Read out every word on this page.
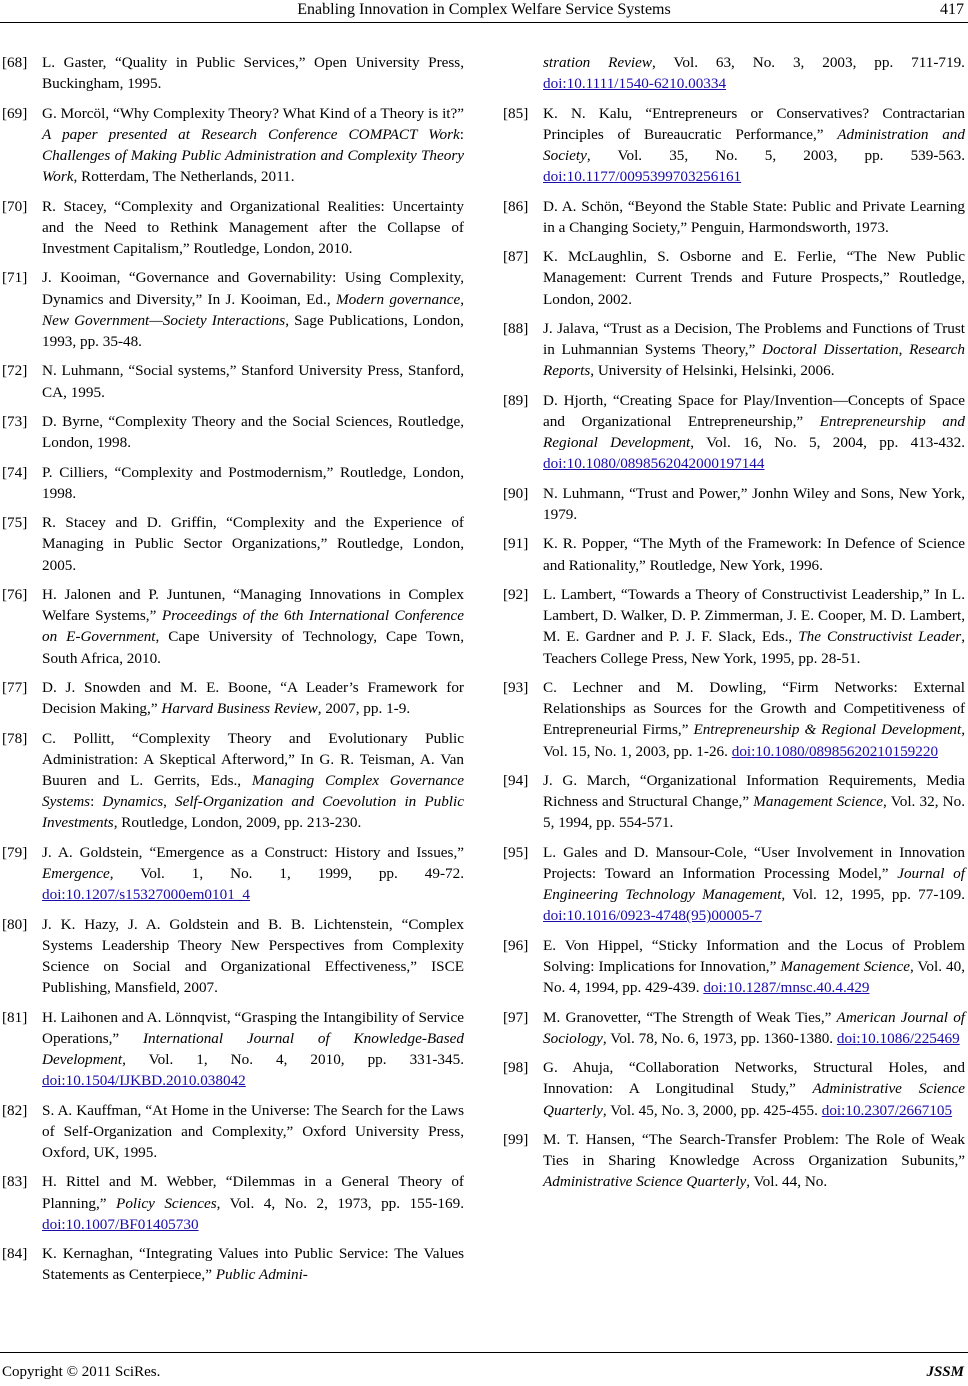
Enabling Innovation in Complex Welfare Service Systems	417
[68] L. Gaster, “Quality in Public Services,” Open University Press, Buckingham, 1995.
[69] G. Morcöl, “Why Complexity Theory? What Kind of a Theory is it?” A paper presented at Research Conference COMPACT Work: Challenges of Making Public Administration and Complexity Theory Work, Rotterdam, The Netherlands, 2011.
[70] R. Stacey, “Complexity and Organizational Realities: Uncertainty and the Need to Rethink Management after the Collapse of Investment Capitalism,” Routledge, London, 2010.
[71] J. Kooiman, “Governance and Governability: Using Complexity, Dynamics and Diversity,” In J. Kooiman, Ed., Modern governance, New Government—Society Interactions, Sage Publications, London, 1993, pp. 35-48.
[72] N. Luhmann, “Social systems,” Stanford University Press, Stanford, CA, 1995.
[73] D. Byrne, “Complexity Theory and the Social Sciences, Routledge, London, 1998.
[74] P. Cilliers, “Complexity and Postmodernism,” Routledge, London, 1998.
[75] R. Stacey and D. Griffin, “Complexity and the Experience of Managing in Public Sector Organizations,” Routledge, London, 2005.
[76] H. Jalonen and P. Juntunen, “Managing Innovations in Complex Welfare Systems,” Proceedings of the 6th International Conference on E-Government, Cape University of Technology, Cape Town, South Africa, 2010.
[77] D. J. Snowden and M. E. Boone, “A Leader’s Framework for Decision Making,” Harvard Business Review, 2007, pp. 1-9.
[78] C. Pollitt, “Complexity Theory and Evolutionary Public Administration: A Skeptical Afterword,” In G. R. Teisman, A. Van Buuren and L. Gerrits, Eds., Managing Complex Governance Systems: Dynamics, Self-Organization and Coevolution in Public Investments, Routledge, London, 2009, pp. 213-230.
[79] J. A. Goldstein, “Emergence as a Construct: History and Issues,” Emergence, Vol. 1, No. 1, 1999, pp. 49-72. doi:10.1207/s15327000em0101_4
[80] J. K. Hazy, J. A. Goldstein and B. B. Lichtenstein, “Complex Systems Leadership Theory New Perspectives from Complexity Science on Social and Organizational Effectiveness,” ISCE Publishing, Mansfield, 2007.
[81] H. Laihonen and A. Lönnqvist, “Grasping the Intangibility of Service Operations,” International Journal of Knowledge-Based Development, Vol. 1, No. 4, 2010, pp. 331-345. doi:10.1504/IJKBD.2010.038042
[82] S. A. Kauffman, “At Home in the Universe: The Search for the Laws of Self-Organization and Complexity,” Oxford University Press, Oxford, UK, 1995.
[83] H. Rittel and M. Webber, “Dilemmas in a General Theory of Planning,” Policy Sciences, Vol. 4, No. 2, 1973, pp. 155-169. doi:10.1007/BF01405730
[84] K. Kernaghan, “Integrating Values into Public Service: The Values Statements as Centerpiece,” Public Admini-
stration Review, Vol. 63, No. 3, 2003, pp. 711-719. doi:10.1111/1540-6210.00334
[85] K. N. Kalu, “Entrepreneurs or Conservatives? Contractarian Principles of Bureaucratic Performance,” Administration and Society, Vol. 35, No. 5, 2003, pp. 539-563. doi:10.1177/0095399703256161
[86] D. A. Schön, “Beyond the Stable State: Public and Private Learning in a Changing Society,” Penguin, Harmondsworth, 1973.
[87] K. McLaughlin, S. Osborne and E. Ferlie, “The New Public Management: Current Trends and Future Prospects,” Routledge, London, 2002.
[88] J. Jalava, “Trust as a Decision, The Problems and Functions of Trust in Luhmannian Systems Theory,” Doctoral Dissertation, Research Reports, University of Helsinki, Helsinki, 2006.
[89] D. Hjorth, “Creating Space for Play/Invention—Concepts of Space and Organizational Entrepreneurship,” Entrepreneurship and Regional Development, Vol. 16, No. 5, 2004, pp. 413-432. doi:10.1080/0898562042000197144
[90] N. Luhmann, “Trust and Power,” Jonhn Wiley and Sons, New York, 1979.
[91] K. R. Popper, “The Myth of the Framework: In Defence of Science and Rationality,” Routledge, New York, 1996.
[92] L. Lambert, “Towards a Theory of Constructivist Leadership,” In L. Lambert, D. Walker, D. P. Zimmerman, J. E. Cooper, M. D. Lambert, M. E. Gardner and P. J. F. Slack, Eds., The Constructivist Leader, Teachers College Press, New York, 1995, pp. 28-51.
[93] C. Lechner and M. Dowling, “Firm Networks: External Relationships as Sources for the Growth and Competitiveness of Entrepreneurial Firms,” Entrepreneurship & Regional Development, Vol. 15, No. 1, 2003, pp. 1-26. doi:10.1080/08985620210159220
[94] J. G. March, “Organizational Information Requirements, Media Richness and Structural Change,” Management Science, Vol. 32, No. 5, 1994, pp. 554-571.
[95] L. Gales and D. Mansour-Cole, “User Involvement in Innovation Projects: Toward an Information Processing Model,” Journal of Engineering Technology Management, Vol. 12, 1995, pp. 77-109. doi:10.1016/0923-4748(95)00005-7
[96] E. Von Hippel, “Sticky Information and the Locus of Problem Solving: Implications for Innovation,” Management Science, Vol. 40, No. 4, 1994, pp. 429-439. doi:10.1287/mnsc.40.4.429
[97] M. Granovetter, “The Strength of Weak Ties,” American Journal of Sociology, Vol. 78, No. 6, 1973, pp. 1360-1380. doi:10.1086/225469
[98] G. Ahuja, “Collaboration Networks, Structural Holes, and Innovation: A Longitudinal Study,” Administrative Science Quarterly, Vol. 45, No. 3, 2000, pp. 425-455. doi:10.2307/2667105
[99] M. T. Hansen, “The Search-Transfer Problem: The Role of Weak Ties in Sharing Knowledge Across Organization Subunits,” Administrative Science Quarterly, Vol. 44, No.
Copyright © 2011 SciRes.	JSSM
